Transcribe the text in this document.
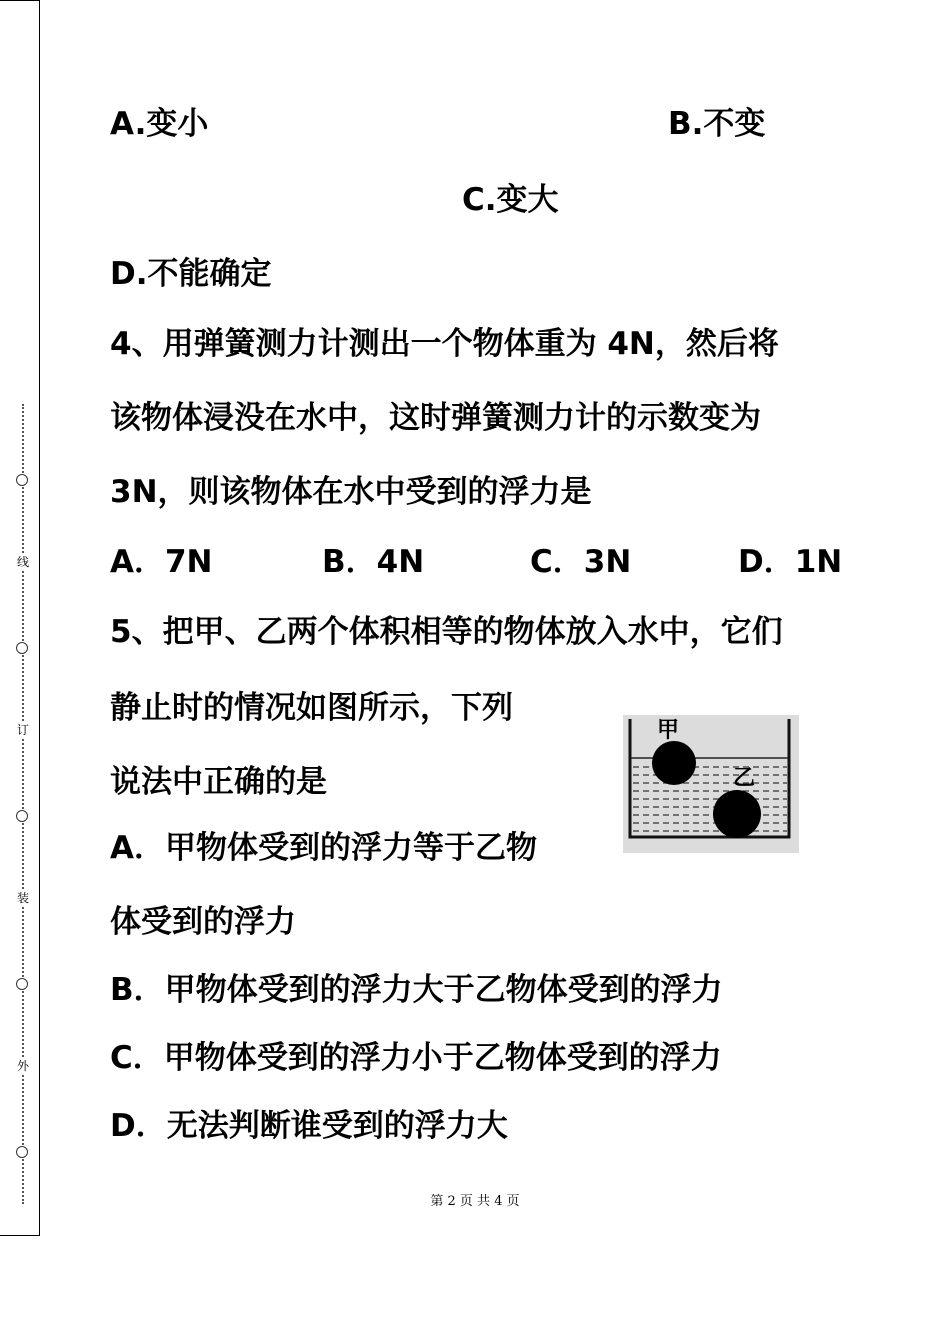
线
订
装
外
A.变小	B.不变
C.变大
D.不能确定
4、用弹簧测力计测出一个物体重为 4N，然后将
该物体浸没在水中，这时弹簧测力计的示数变为
3N，则该物体在水中受到的浮力是
A．7N	B．4N	C．3N	D．1N
5、把甲、乙两个体积相等的物体放入水中，它们
静止时的情况如图所示，下列
说法中正确的是
A．甲物体受到的浮力等于乙物
体受到的浮力
B．甲物体受到的浮力大于乙物体受到的浮力
C．甲物体受到的浮力小于乙物体受到的浮力
D．无法判断谁受到的浮力大
甲
乙
第 2 页 共 4 页
